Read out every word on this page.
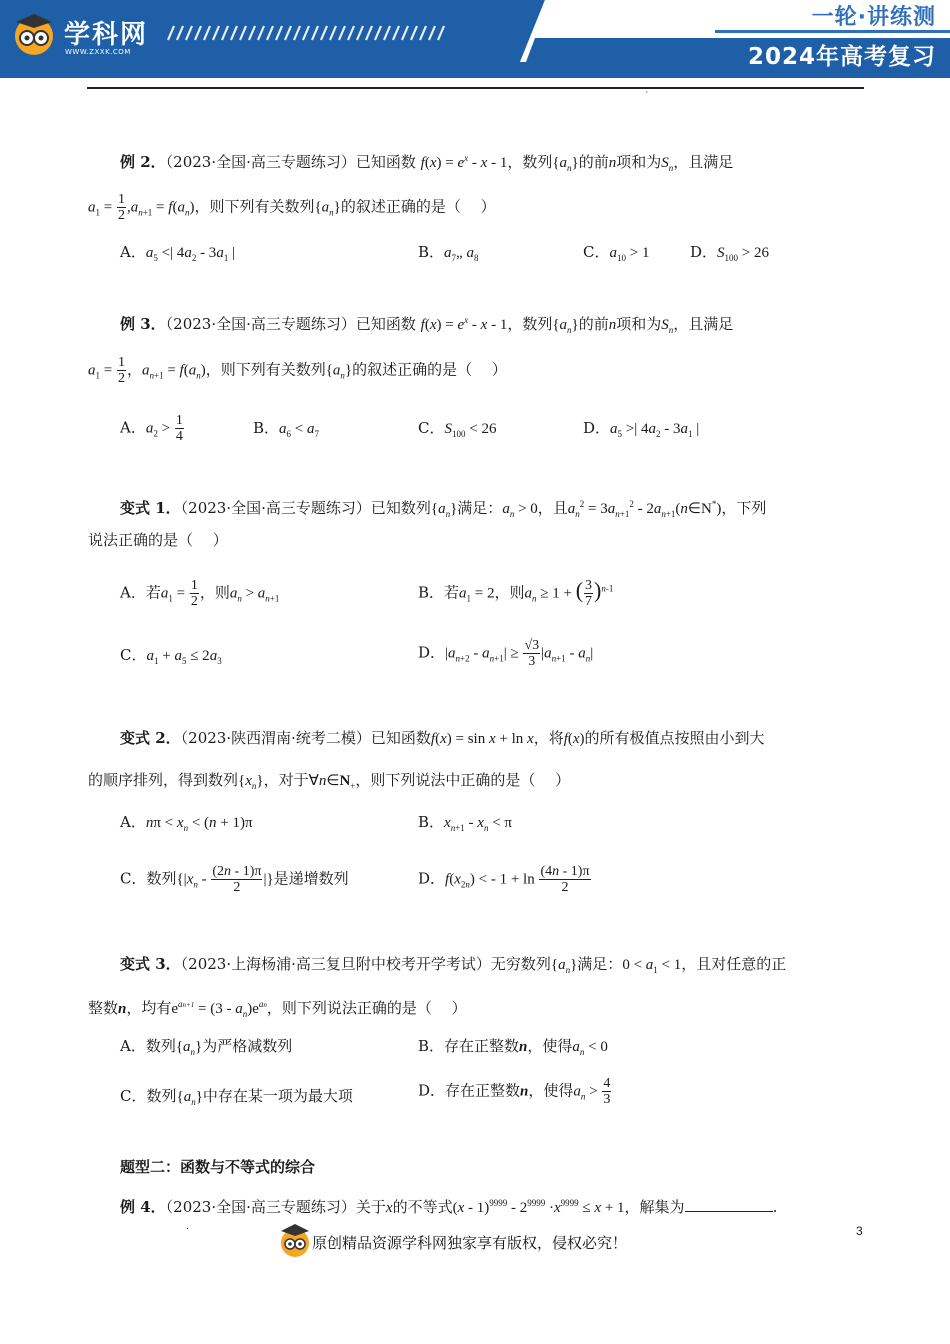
学科网
WWW.ZXXK.COM
一轮·讲练测
2024年高考复习
`
例 2．（2023·全国·高三专题练习）已知函数 $f(x) = e^x - x - 1$，数列$\{a_n\}$的前n项和为$S_n$，且满足
$a_1 = \frac{1}{2} ,a_{n+1} = f(a_n)$，则下列有关数列$\{a_n\}$的叙述正确的是（　 ）
A．$a_5$ <| $4a_2 - 3a_1$ |	B．$a_7„$ $a_8$	C．$a_{10} > 1$	D．$S_{100} > 26$
例 3．（2023·全国·高三专题练习）已知函数 $f(x) = e^x - x - 1$，数列$\{a_n\}$的前n项和为$S_n$，且满足
$a_1 = \frac{1}{2}$ ，$a_{n+1} = f(a_n)$，则下列有关数列$\{a_n\}$的叙述正确的是（　 ）
A．$a_2 > \frac{1}{4}$	B．$a_6 < a_7$	C．$S_{100} < 26$	D．$a_5$ >| $4a_2 - 3a_1$ |
变式 1．（2023·全国·高三专题练习）已知数列$\{a_n\}$满足：$a_n > 0$，且$a_n^2 = 3a_{n+1}^2$ - $2a_{n+1}(n\in N^*)$，下列
说法正确的是（　 ）
A．若$a_1 = \frac{1}{2}$ ，则$a_n > a_{n+1}$	B．若$a_1 = 2$，则$a_n \ge 1$ + ( $\frac{3}{7} )^{n-1}$
C．$a_1 + a_5 \le 2a_3$	D．$|a_{n+2} - a_{n+1}| \ge \frac{√3}{3} |a_{n+1} - a_n|$
变式 2．（2023·陕西渭南·统考二模）已知函数f(x) = sin x + ln x，将f(x)的所有极值点按照由小到大
的顺序排列，得到数列$\{x_n\}$，对于$\forall n\in N_+$，则下列说法中正确的是（　 ）
A．$n\pi < x_n < (n + 1)\pi$	B．$x_{n+1} - x_n < \pi$
C．数列{$|x_n - \frac{(2n - 1)\pi}{2}$ |}是递增数列	D．$f(x_{2n})$ < - $1 + \ln \frac{(4n - 1)\pi}{2}$
变式 3．（2023·上海杨浦·高三复旦附中校考开学考试）无穷数列$\{a_n\}$满足：$0 < a_1 < 1$，且对任意的正
整数n，均有$e^{an+1} = (3 - a_n)e^{an}$，则下列说法正确的是（　 ）
A．数列$\{a_n\}$为严格减数列	B．存在正整数n，使得$a_n < 0$
C．数列$\{a_n\}$中存在某一项为最大项	D．存在正整数n，使得$a_n > \frac{4}{3}$
题型二：函数与不等式的综合
例 4．（2023·全国·高三专题练习）关于x的不等式$(x - 1)^{9999} - 2^{9999} \cdot x^{9999} \le x + 1$，解集为	.
.
原创精品资源学科网独家享有版权，侵权必究！
3
